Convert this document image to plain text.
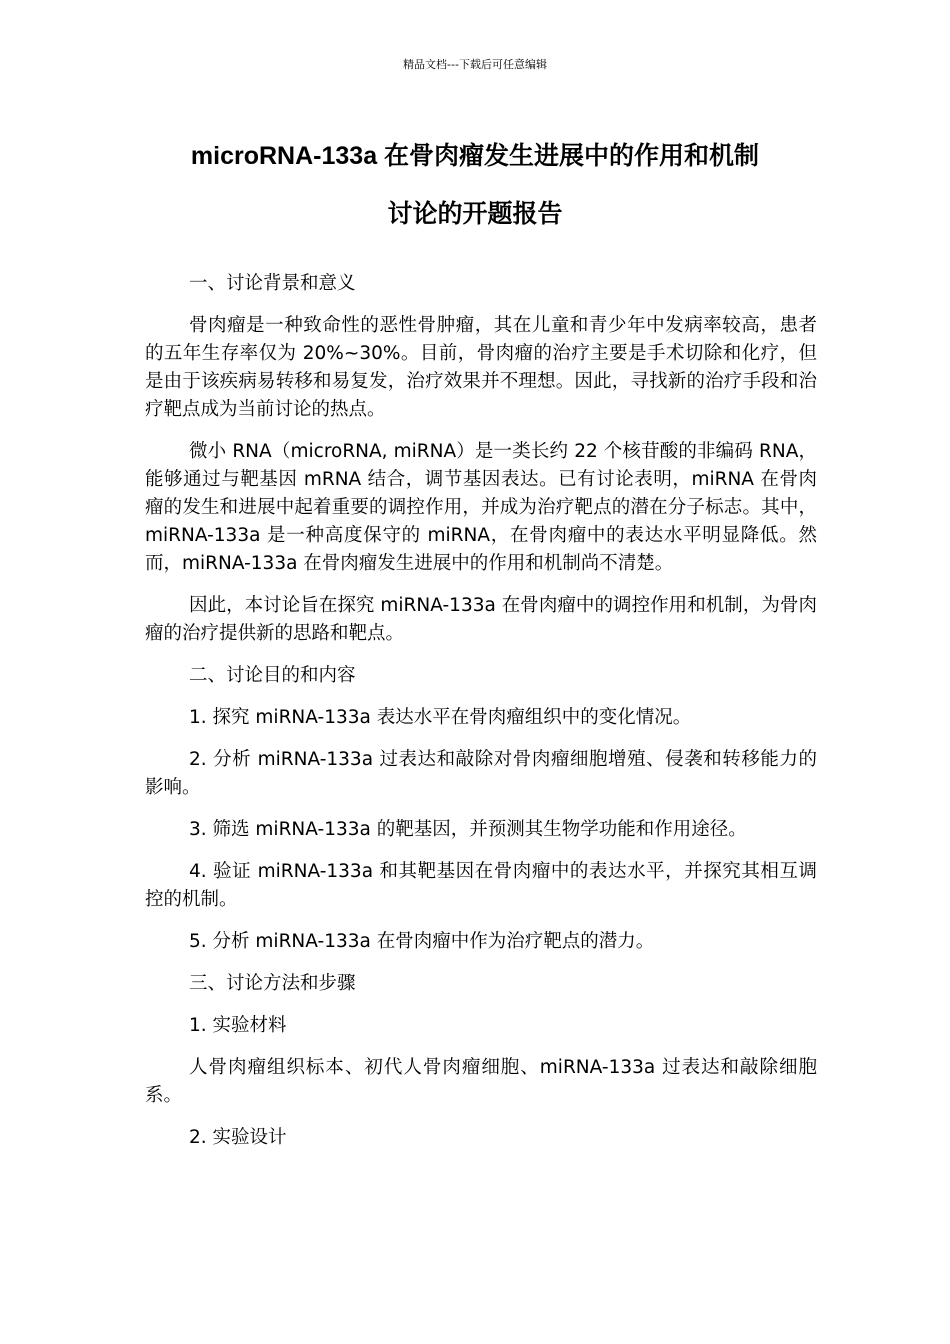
精品文档---下载后可任意编辑
microRNA-133a 在骨肉瘤发生进展中的作用和机制
讨论的开题报告

一、讨论背景和意义

骨肉瘤是一种致命性的恶性骨肿瘤，其在儿童和青少年中发病率较高，患者的五年生存率仅为 20%~30%。目前，骨肉瘤的治疗主要是手术切除和化疗，但是由于该疾病易转移和易复发，治疗效果并不理想。因此，寻找新的治疗手段和治疗靶点成为当前讨论的热点。

微小 RNA（microRNA, miRNA）是一类长约 22 个核苷酸的非编码 RNA，能够通过与靶基因 mRNA 结合，调节基因表达。已有讨论表明，miRNA 在骨肉瘤的发生和进展中起着重要的调控作用，并成为治疗靶点的潜在分子标志。其中，miRNA-133a 是一种高度保守的 miRNA，在骨肉瘤中的表达水平明显降低。然而，miRNA-133a 在骨肉瘤发生进展中的作用和机制尚不清楚。

因此，本讨论旨在探究 miRNA-133a 在骨肉瘤中的调控作用和机制，为骨肉瘤的治疗提供新的思路和靶点。

二、讨论目的和内容

1. 探究 miRNA-133a 表达水平在骨肉瘤组织中的变化情况。

2. 分析 miRNA-133a 过表达和敲除对骨肉瘤细胞增殖、侵袭和转移能力的影响。

3. 筛选 miRNA-133a 的靶基因，并预测其生物学功能和作用途径。

4. 验证 miRNA-133a 和其靶基因在骨肉瘤中的表达水平，并探究其相互调控的机制。

5. 分析 miRNA-133a 在骨肉瘤中作为治疗靶点的潜力。

三、讨论方法和步骤

1. 实验材料

人骨肉瘤组织标本、初代人骨肉瘤细胞、miRNA-133a 过表达和敲除细胞系。

2. 实验设计
